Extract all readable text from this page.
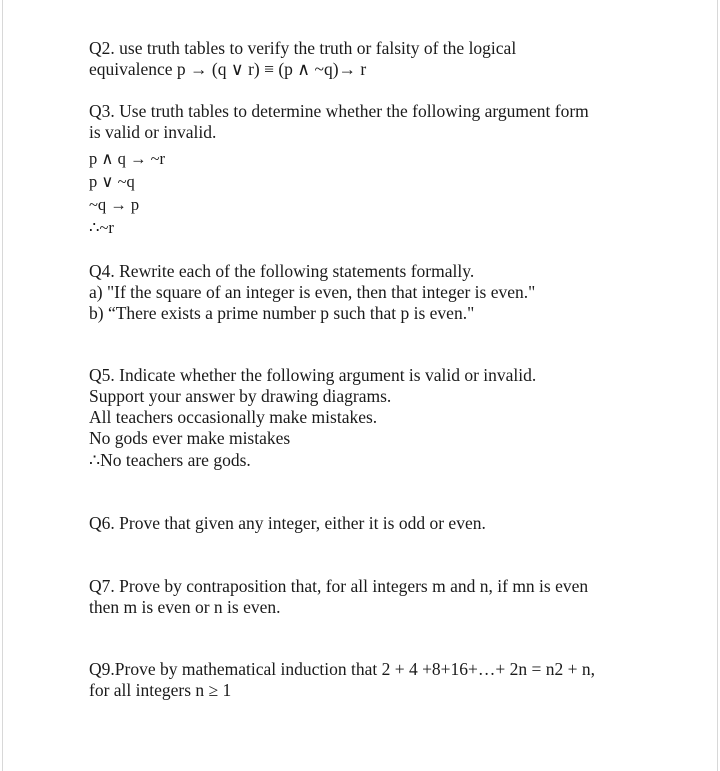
Q2. use truth tables to verify the truth or falsity of the logical
equivalence p → (q ∨ r) ≡ (p ∧ ~q)→ r
Q3. Use truth tables to determine whether the following argument form
is valid or invalid.
p ∧ q → ~r
p ∨ ~q
~q → p
∴~r
Q4. Rewrite each of the following statements formally.
a) "If the square of an integer is even, then that integer is even."
b) “There exists a prime number p such that p is even."
Q5. Indicate whether the following argument is valid or invalid.
Support your answer by drawing diagrams.
All teachers occasionally make mistakes.
No gods ever make mistakes
∴No teachers are gods.
Q6. Prove that given any integer, either it is odd or even.
Q7. Prove by contraposition that, for all integers m and n, if mn is even
then m is even or n is even.
Q9.Prove by mathematical induction that 2 + 4 +8+16+…+ 2n = n2 + n,
for all integers n ≥ 1
